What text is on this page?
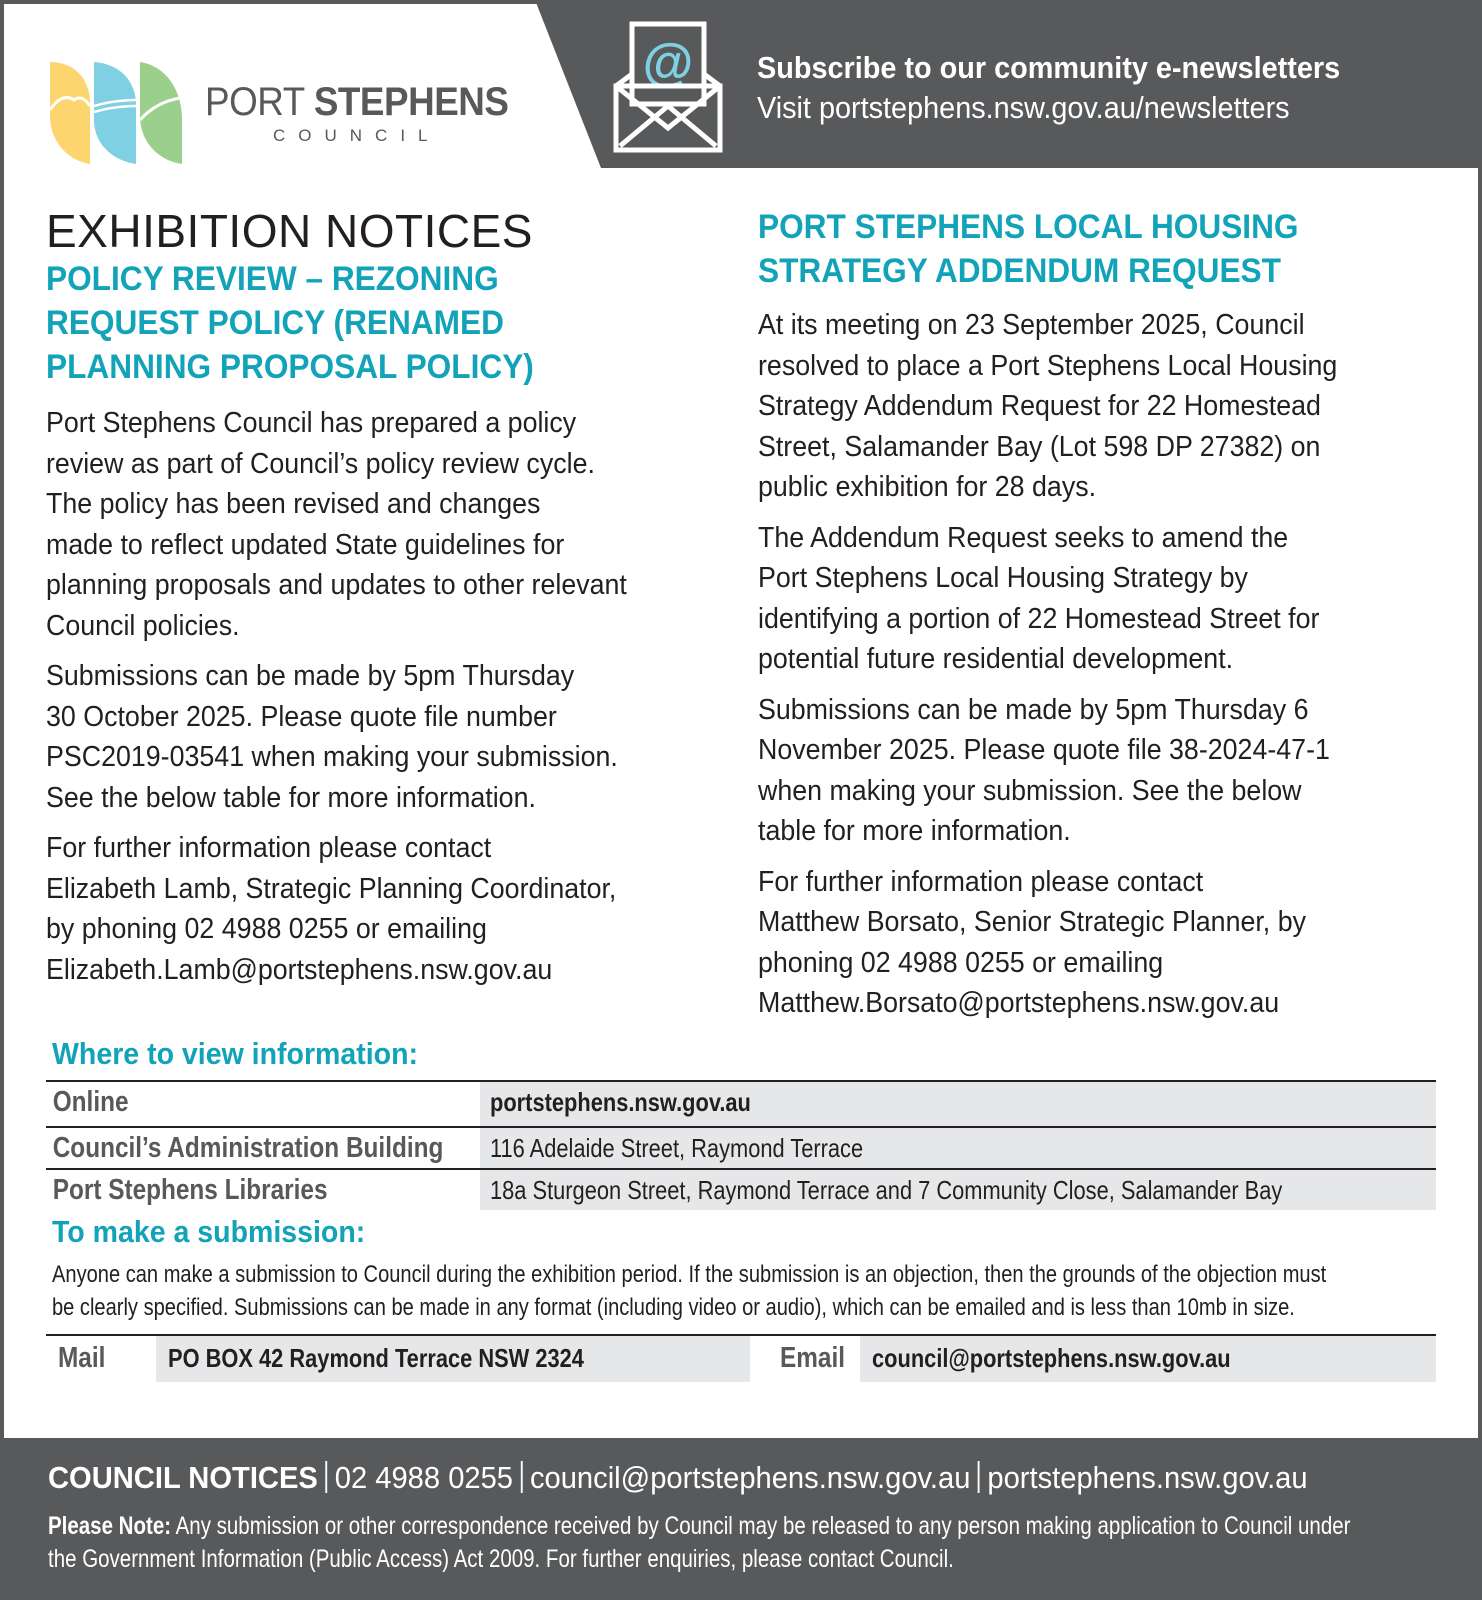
PORT STEPHENS
COUNCIL
@ Subscribe to our community e-newsletters
Visit portstephens.nsw.gov.au/newsletters
EXHIBITION NOTICES
POLICY REVIEW – REZONING
REQUEST POLICY (RENAMED
PLANNING PROPOSAL POLICY)
Port Stephens Council has prepared a policy
review as part of Council’s policy review cycle.
The policy has been revised and changes
made to reflect updated State guidelines for
planning proposals and updates to other relevant
Council policies.
Submissions can be made by 5pm Thursday
30 October 2025. Please quote file number
PSC2019-03541 when making your submission.
See the below table for more information.
For further information please contact
Elizabeth Lamb, Strategic Planning Coordinator,
by phoning 02 4988 0255 or emailing
Elizabeth.Lamb@portstephens.nsw.gov.au
PORT STEPHENS LOCAL HOUSING
STRATEGY ADDENDUM REQUEST
At its meeting on 23 September 2025, Council
resolved to place a Port Stephens Local Housing
Strategy Addendum Request for 22 Homestead
Street, Salamander Bay (Lot 598 DP 27382) on
public exhibition for 28 days.
The Addendum Request seeks to amend the
Port Stephens Local Housing Strategy by
identifying a portion of 22 Homestead Street for
potential future residential development.
Submissions can be made by 5pm Thursday 6
November 2025. Please quote file 38-2024-47-1
when making your submission. See the below
table for more information.
For further information please contact
Matthew Borsato, Senior Strategic Planner, by
phoning 02 4988 0255 or emailing
Matthew.Borsato@portstephens.nsw.gov.au
Where to view information:
Online	portstephens.nsw.gov.au
Council’s Administration Building	116 Adelaide Street, Raymond Terrace
Port Stephens Libraries	18a Sturgeon Street, Raymond Terrace and 7 Community Close, Salamander Bay
To make a submission:
Anyone can make a submission to Council during the exhibition period. If the submission is an objection, then the grounds of the objection must
be clearly specified. Submissions can be made in any format (including video or audio), which can be emailed and is less than 10mb in size.
Mail	PO BOX 42 Raymond Terrace NSW 2324	Email	council@portstephens.nsw.gov.au
COUNCIL NOTICES 02 4988 0255 council@portstephens.nsw.gov.au portstephens.nsw.gov.au
Please Note: Any submission or other correspondence received by Council may be released to any person making application to Council under
the Government Information (Public Access) Act 2009. For further enquiries, please contact Council.
